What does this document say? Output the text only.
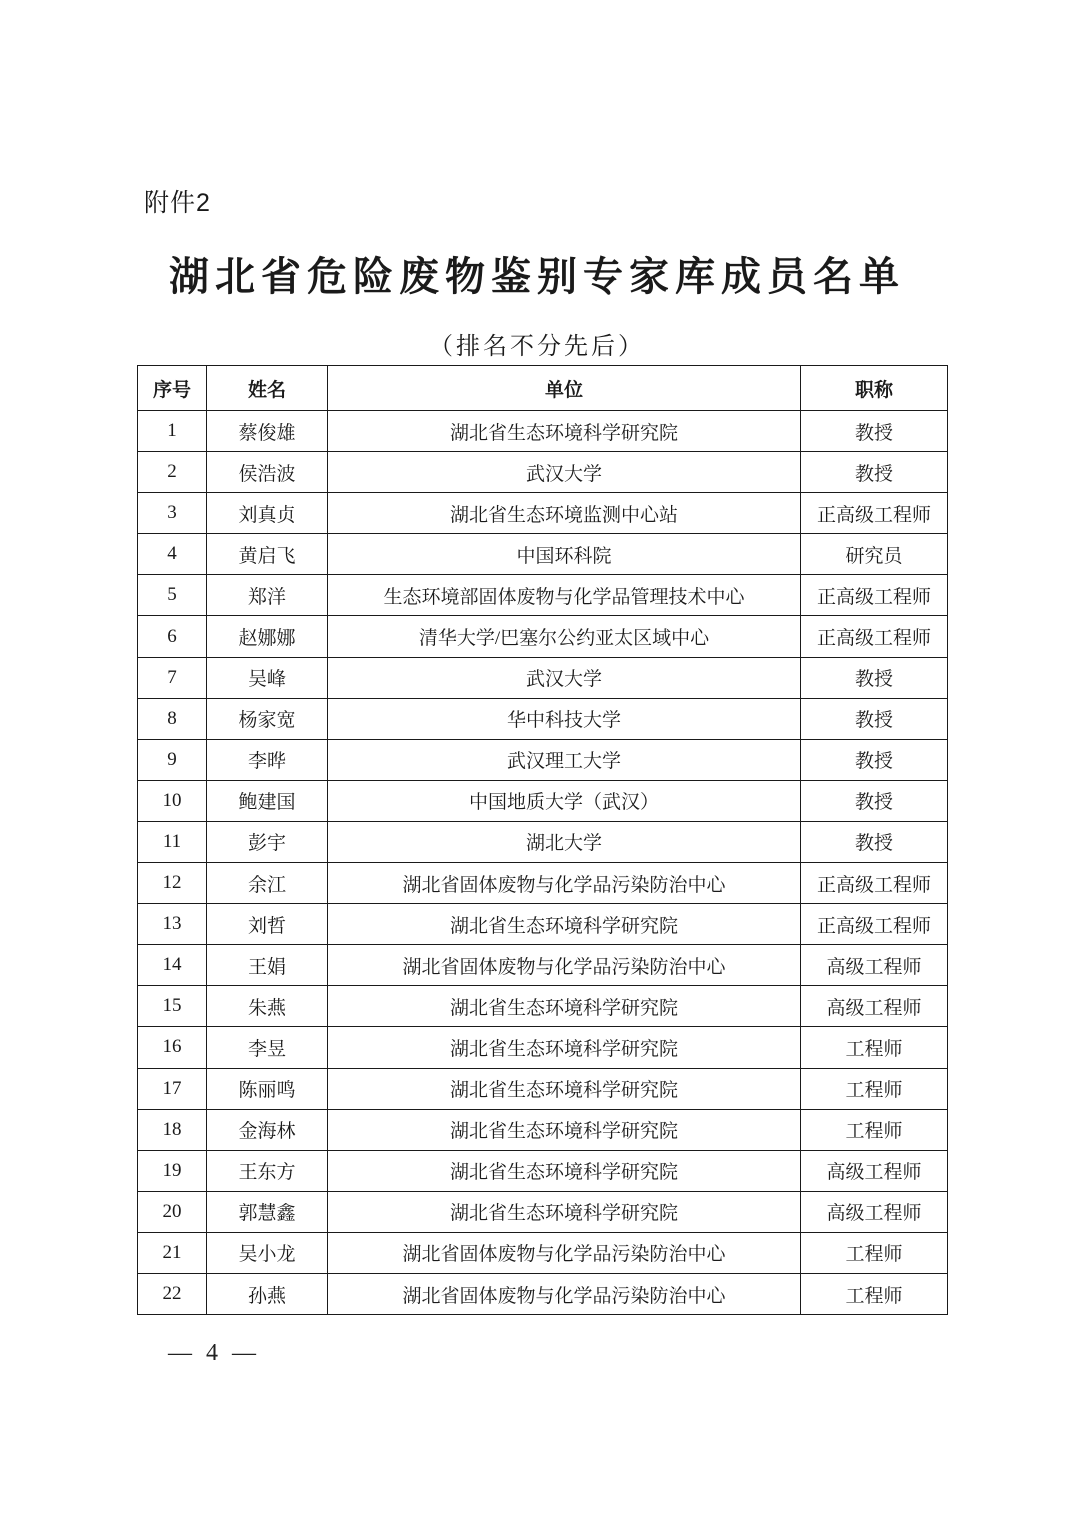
附件2
湖北省危险废物鉴别专家库成员名单
（排名不分先后）
序号	姓名	单位	职称
1	蔡俊雄	湖北省生态环境科学研究院	教授
2	侯浩波	武汉大学	教授
3	刘真贞	湖北省生态环境监测中心站	正高级工程师
4	黄启飞	中国环科院	研究员
5	郑洋	生态环境部固体废物与化学品管理技术中心	正高级工程师
6	赵娜娜	清华大学/巴塞尔公约亚太区域中心	正高级工程师
7	吴峰	武汉大学	教授
8	杨家宽	华中科技大学	教授
9	李晔	武汉理工大学	教授
10	鲍建国	中国地质大学（武汉）	教授
11	彭宇	湖北大学	教授
12	余江	湖北省固体废物与化学品污染防治中心	正高级工程师
13	刘哲	湖北省生态环境科学研究院	正高级工程师
14	王娟	湖北省固体废物与化学品污染防治中心	高级工程师
15	朱燕	湖北省生态环境科学研究院	高级工程师
16	李昱	湖北省生态环境科学研究院	工程师
17	陈丽鸣	湖北省生态环境科学研究院	工程师
18	金海林	湖北省生态环境科学研究院	工程师
19	王东方	湖北省生态环境科学研究院	高级工程师
20	郭慧鑫	湖北省生态环境科学研究院	高级工程师
21	吴小龙	湖北省固体废物与化学品污染防治中心	工程师
22	孙燕	湖北省固体废物与化学品污染防治中心	工程师
— 4 —
